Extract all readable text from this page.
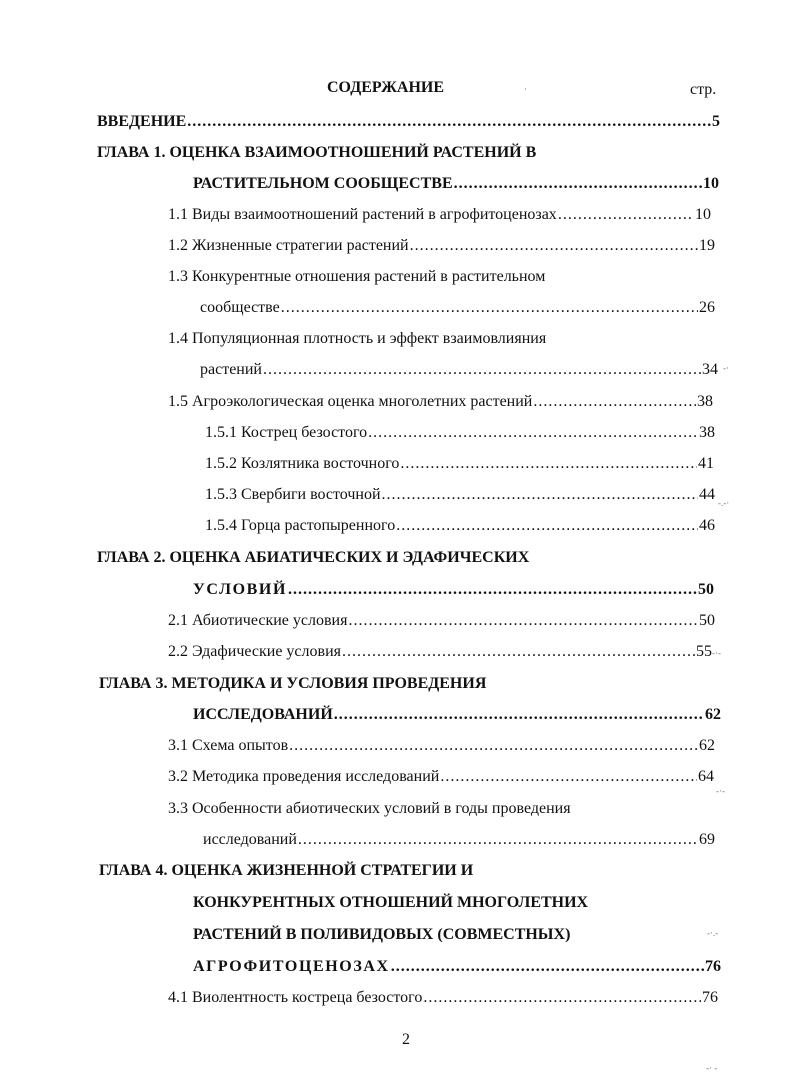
СОДЕРЖАНИЕ	стр.
ВВЕДЕНИЕ .....	5
ГЛАВА 1. ОЦЕНКА ВЗАИМООТНОШЕНИЙ РАСТЕНИЙ В
РАСТИТЕЛЬНОМ СООБЩЕСТВЕ .....	10
1.1 Виды взаимоотношений растений в агрофитоценозах .....	10
1.2 Жизненные стратегии растений .....	19
1.3 Конкурентные отношения растений в растительном
сообществе .....	26
1.4 Популяционная плотность и эффект взаимовлияния
растений .....	34
1.5 Агроэкологическая оценка многолетних растений .....	38
1.5.1 Кострец безостого .....	38
1.5.2 Козлятника восточного .....	41
1.5.3 Свербиги восточной .....	44
1.5.4 Горца растопыренного .....	46
ГЛАВА 2. ОЦЕНКА АБИАТИЧЕСКИХ И ЭДАФИЧЕСКИХ
УСЛОВИЙ .....	50
2.1 Абиотические условия .....	50
2.2 Эдафические условия .....	55
ГЛАВА 3. МЕТОДИКА И УСЛОВИЯ ПРОВЕДЕНИЯ
ИССЛЕДОВАНИЙ .....	62
3.1 Схема опытов .....	62
3.2 Методика проведения исследований .....	64
3.3 Особенности абиотических условий в годы проведения
исследований .....	69
ГЛАВА 4. ОЦЕНКА ЖИЗНЕННОЙ СТРАТЕГИИ И
КОНКУРЕНТНЫХ ОТНОШЕНИЙ МНОГОЛЕТНИХ
РАСТЕНИЙ В ПОЛИВИДОВЫХ (СОВМЕСТНЫХ)
АГРОФИТОЦЕНОЗАХ .....	76
4.1 Виолентность кострeца безостого .....	76
2
·
-·
-.-·
-·-
-·-
-·.-
-· -
